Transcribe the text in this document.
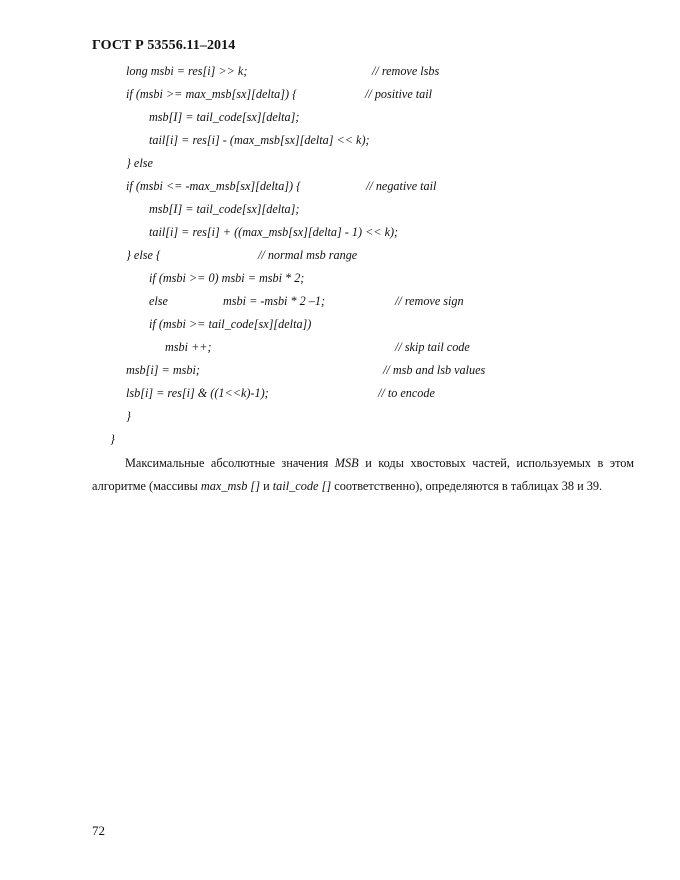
ГОСТ Р 53556.11–2014
long msbi = res[i] >> k;	// remove lsbs
if (msbi >= max_msb[sx][delta]) {	// positive tail
msb[I] = tail_code[sx][delta];
tail[i] = res[i] - (max_msb[sx][delta] << k);
} else
if (msbi <= -max_msb[sx][delta]) {	// negative tail
msb[I] = tail_code[sx][delta];
tail[i] = res[i] + ((max_msb[sx][delta] - 1) << k);
} else {	// normal msb range
if (msbi >= 0) msbi = msbi * 2;
else	msbi = -msbi * 2 –1;	// remove sign
if (msbi >= tail_code[sx][delta])
msbi ++;	// skip tail code
msb[i] = msbi;	// msb and lsb values
lsb[i] = res[i] & ((1<<k)-1);	// to encode
}
}

Максимальные абсолютные значения MSB и коды хвостовых частей, используемых в этом алгоритме (массивы max_msb [] и tail_code [] соответственно), определяются в таблицах 38 и 39.

72
